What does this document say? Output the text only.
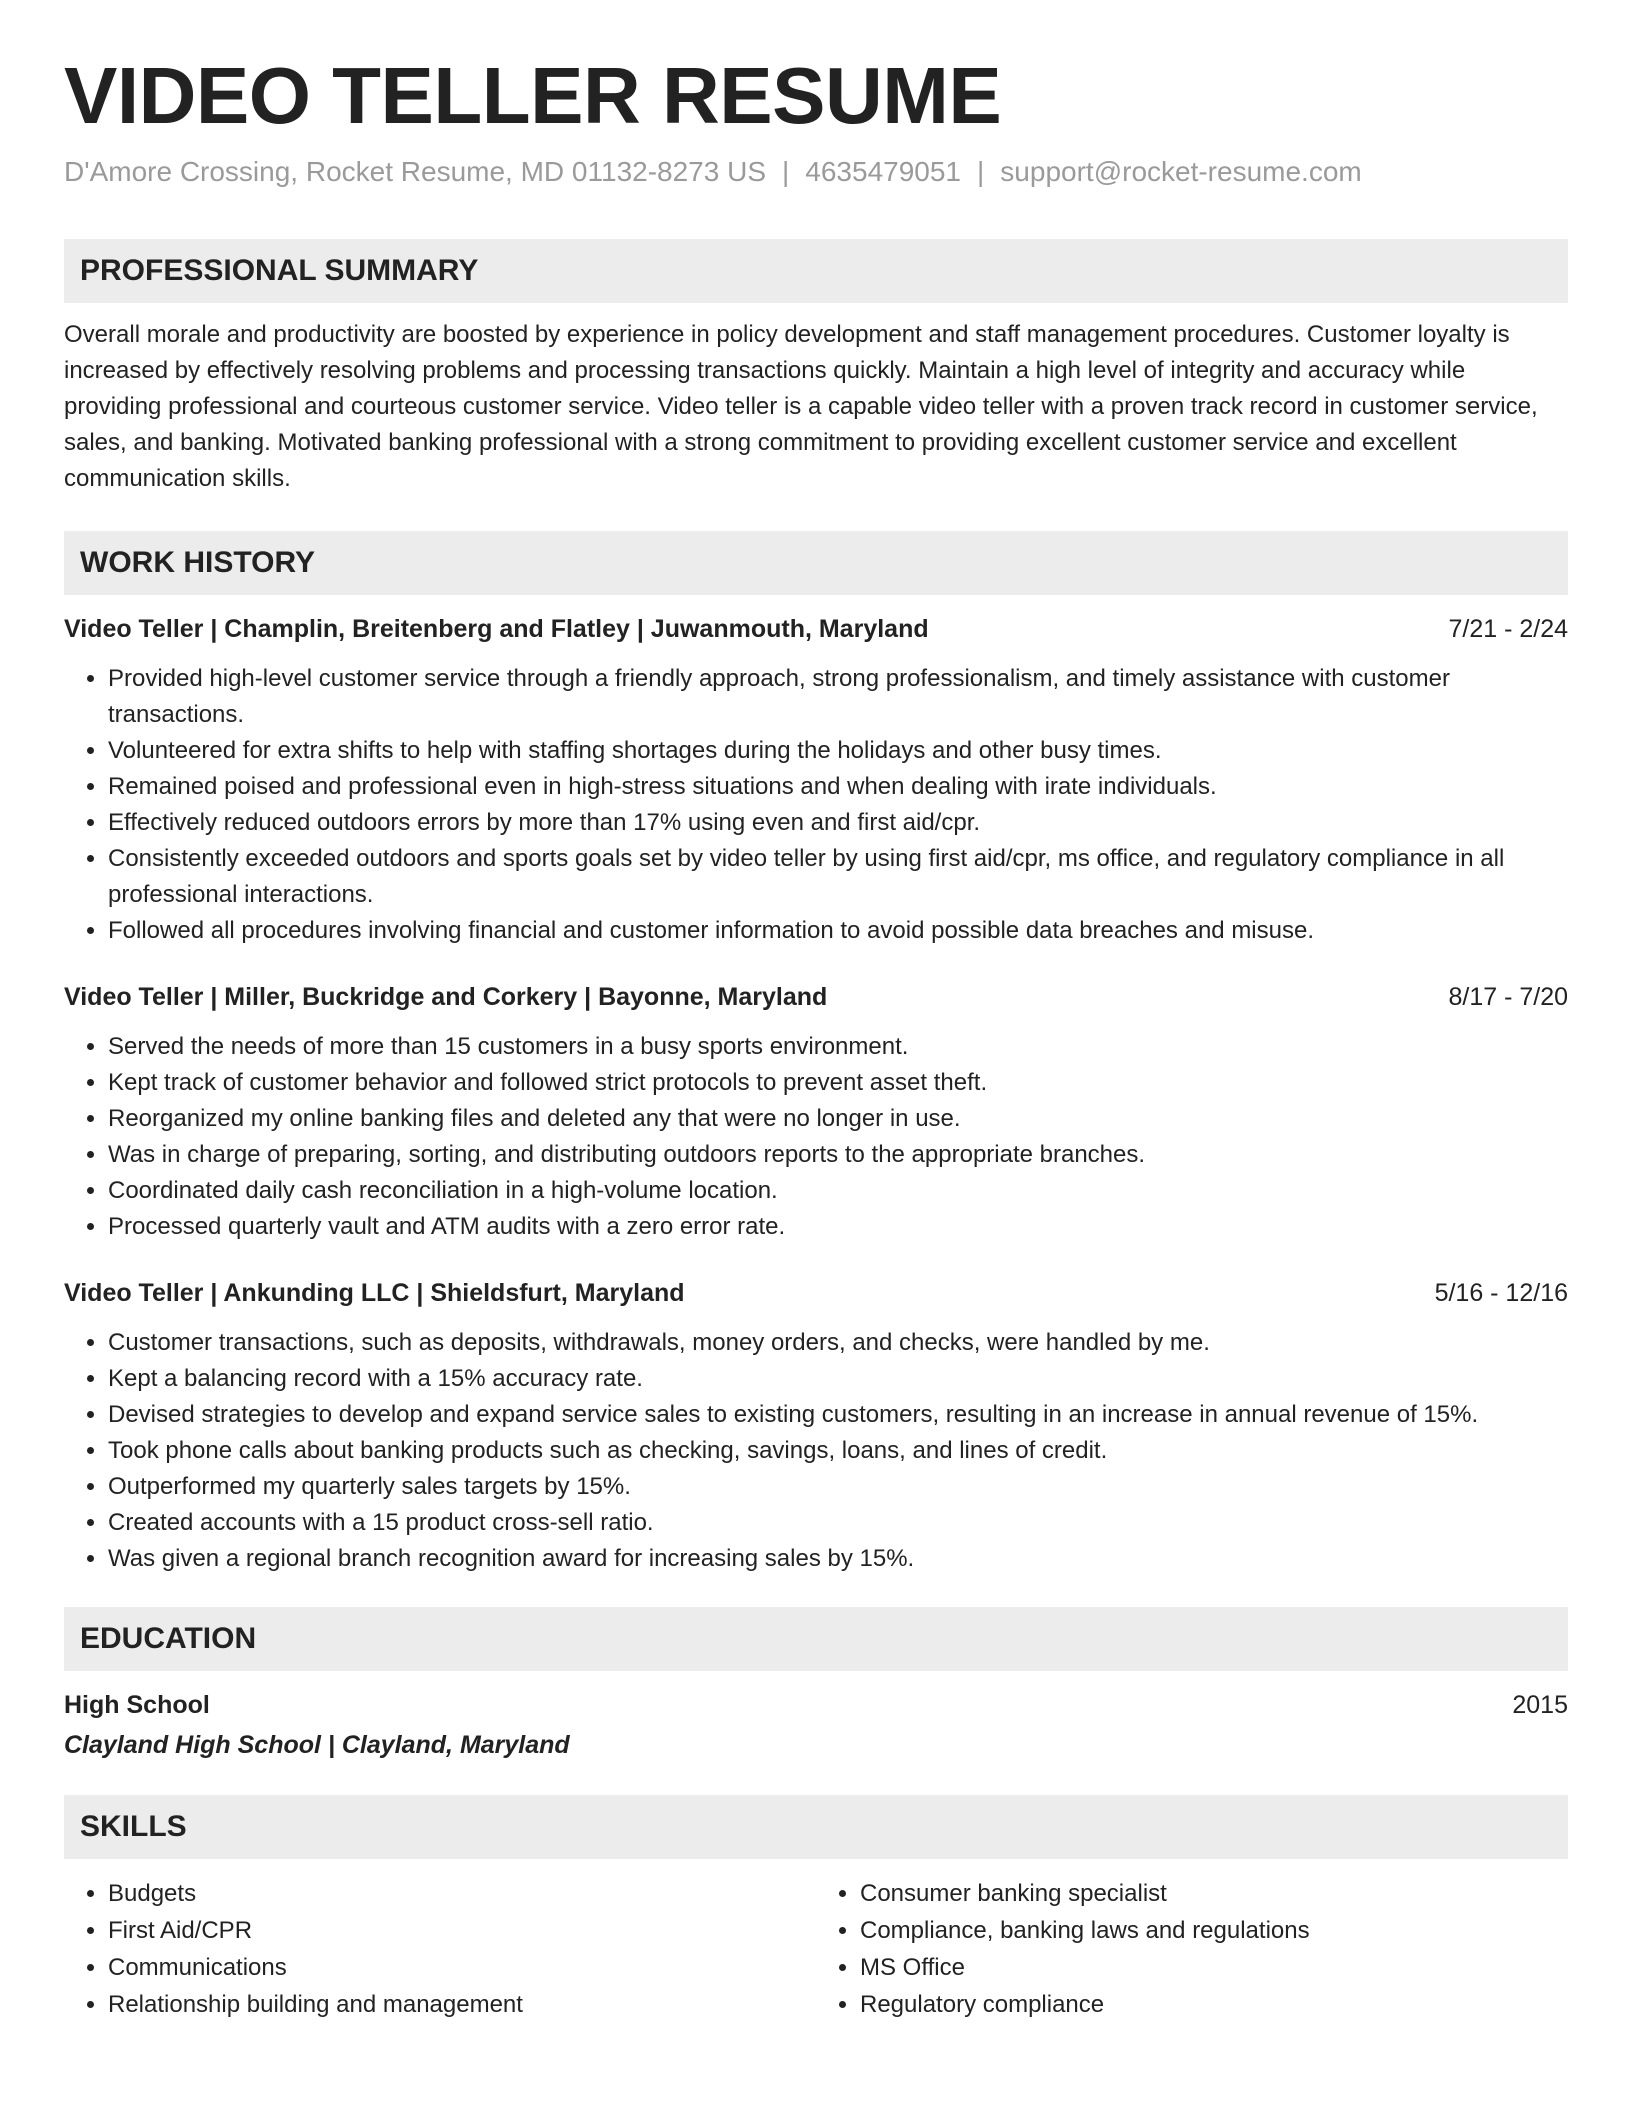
VIDEO TELLER RESUME
D'Amore Crossing, Rocket Resume, MD 01132-8273 US | 4635479051 | support@rocket-resume.com
PROFESSIONAL SUMMARY
Overall morale and productivity are boosted by experience in policy development and staff management procedures. Customer loyalty is increased by effectively resolving problems and processing transactions quickly. Maintain a high level of integrity and accuracy while providing professional and courteous customer service. Video teller is a capable video teller with a proven track record in customer service, sales, and banking. Motivated banking professional with a strong commitment to providing excellent customer service and excellent communication skills.
WORK HISTORY
Video Teller | Champlin, Breitenberg and Flatley | Juwanmouth, Maryland	7/21 - 2/24
• Provided high-level customer service through a friendly approach, strong professionalism, and timely assistance with customer transactions.
• Volunteered for extra shifts to help with staffing shortages during the holidays and other busy times.
• Remained poised and professional even in high-stress situations and when dealing with irate individuals.
• Effectively reduced outdoors errors by more than 17% using even and first aid/cpr.
• Consistently exceeded outdoors and sports goals set by video teller by using first aid/cpr, ms office, and regulatory compliance in all professional interactions.
• Followed all procedures involving financial and customer information to avoid possible data breaches and misuse.
Video Teller | Miller, Buckridge and Corkery | Bayonne, Maryland	8/17 - 7/20
• Served the needs of more than 15 customers in a busy sports environment.
• Kept track of customer behavior and followed strict protocols to prevent asset theft.
• Reorganized my online banking files and deleted any that were no longer in use.
• Was in charge of preparing, sorting, and distributing outdoors reports to the appropriate branches.
• Coordinated daily cash reconciliation in a high-volume location.
• Processed quarterly vault and ATM audits with a zero error rate.
Video Teller | Ankunding LLC | Shieldsfurt, Maryland	5/16 - 12/16
• Customer transactions, such as deposits, withdrawals, money orders, and checks, were handled by me.
• Kept a balancing record with a 15% accuracy rate.
• Devised strategies to develop and expand service sales to existing customers, resulting in an increase in annual revenue of 15%.
• Took phone calls about banking products such as checking, savings, loans, and lines of credit.
• Outperformed my quarterly sales targets by 15%.
• Created accounts with a 15 product cross-sell ratio.
• Was given a regional branch recognition award for increasing sales by 15%.
EDUCATION
High School	2015
Clayland High School | Clayland, Maryland
SKILLS
• Budgets
• First Aid/CPR
• Communications
• Relationship building and management
• Consumer banking specialist
• Compliance, banking laws and regulations
• MS Office
• Regulatory compliance
